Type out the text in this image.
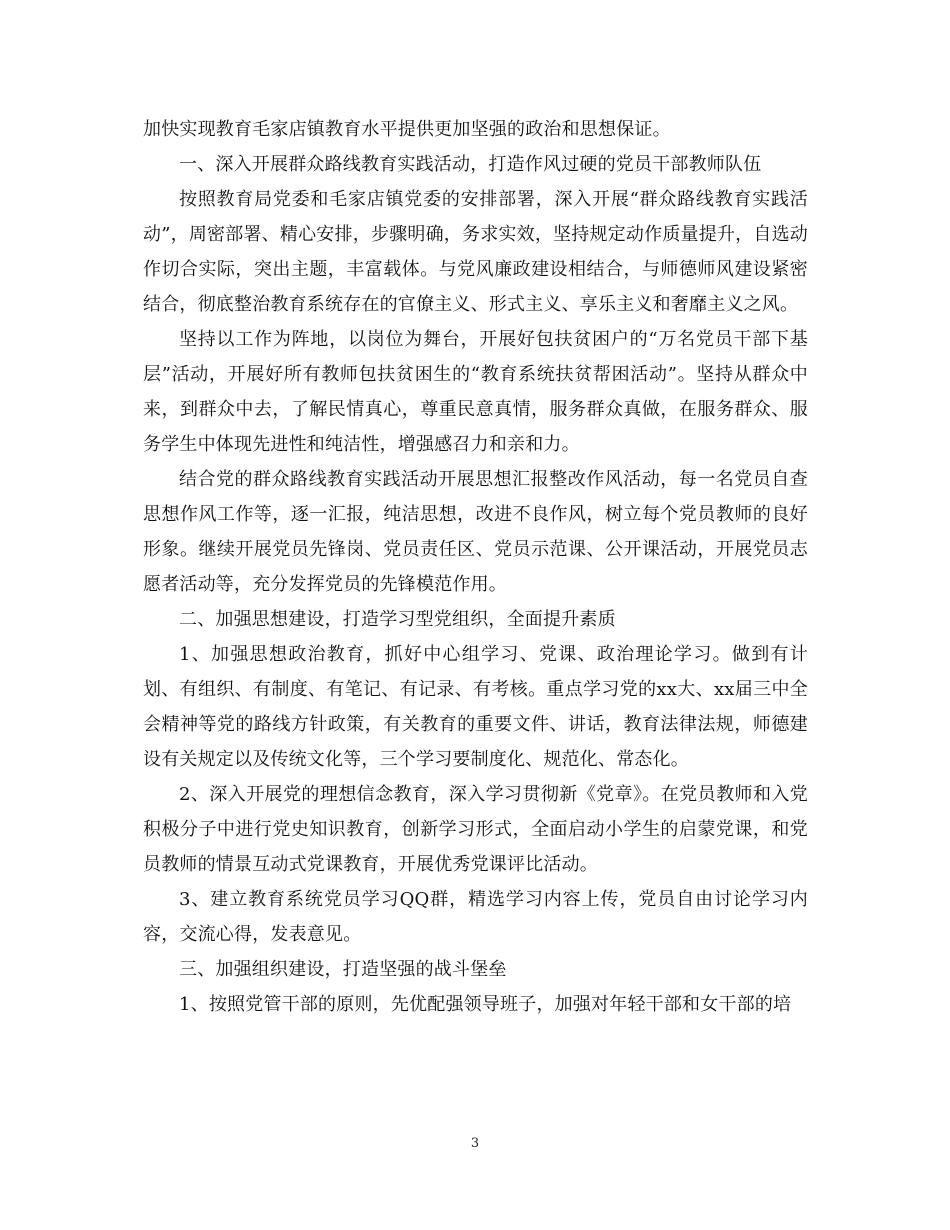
加快实现教育毛家店镇教育水平提供更加坚强的政治和思想保证。

一、深入开展群众路线教育实践活动，打造作风过硬的党员干部教师队伍

按照教育局党委和毛家店镇党委的安排部署，深入开展“群众路线教育实践活动”，周密部署、精心安排，步骤明确，务求实效，坚持规定动作质量提升，自选动作切合实际，突出主题，丰富载体。与党风廉政建设相结合，与师德师风建设紧密结合，彻底整治教育系统存在的官僚主义、形式主义、享乐主义和奢靡主义之风。

坚持以工作为阵地，以岗位为舞台，开展好包扶贫困户的“万名党员干部下基层”活动，开展好所有教师包扶贫困生的“教育系统扶贫帮困活动”。坚持从群众中来，到群众中去，了解民情真心，尊重民意真情，服务群众真做，在服务群众、服务学生中体现先进性和纯洁性，增强感召力和亲和力。

结合党的群众路线教育实践活动开展思想汇报整改作风活动，每一名党员自查思想作风工作等，逐一汇报，纯洁思想，改进不良作风，树立每个党员教师的良好形象。继续开展党员先锋岗、党员责任区、党员示范课、公开课活动，开展党员志愿者活动等，充分发挥党员的先锋模范作用。

二、加强思想建设，打造学习型党组织，全面提升素质

1、加强思想政治教育，抓好中心组学习、党课、政治理论学习。做到有计划、有组织、有制度、有笔记、有记录、有考核。重点学习党的xx大、xx届三中全会精神等党的路线方针政策，有关教育的重要文件、讲话，教育法律法规，师德建设有关规定以及传统文化等，三个学习要制度化、规范化、常态化。

2、深入开展党的理想信念教育，深入学习贯彻新《党章》。在党员教师和入党积极分子中进行党史知识教育，创新学习形式，全面启动小学生的启蒙党课，和党员教师的情景互动式党课教育，开展优秀党课评比活动。

3、建立教育系统党员学习QQ群，精选学习内容上传，党员自由讨论学习内容，交流心得，发表意见。

三、加强组织建设，打造坚强的战斗堡垒

1、按照党管干部的原则，先优配强领导班子，加强对年轻干部和女干部的培

3
